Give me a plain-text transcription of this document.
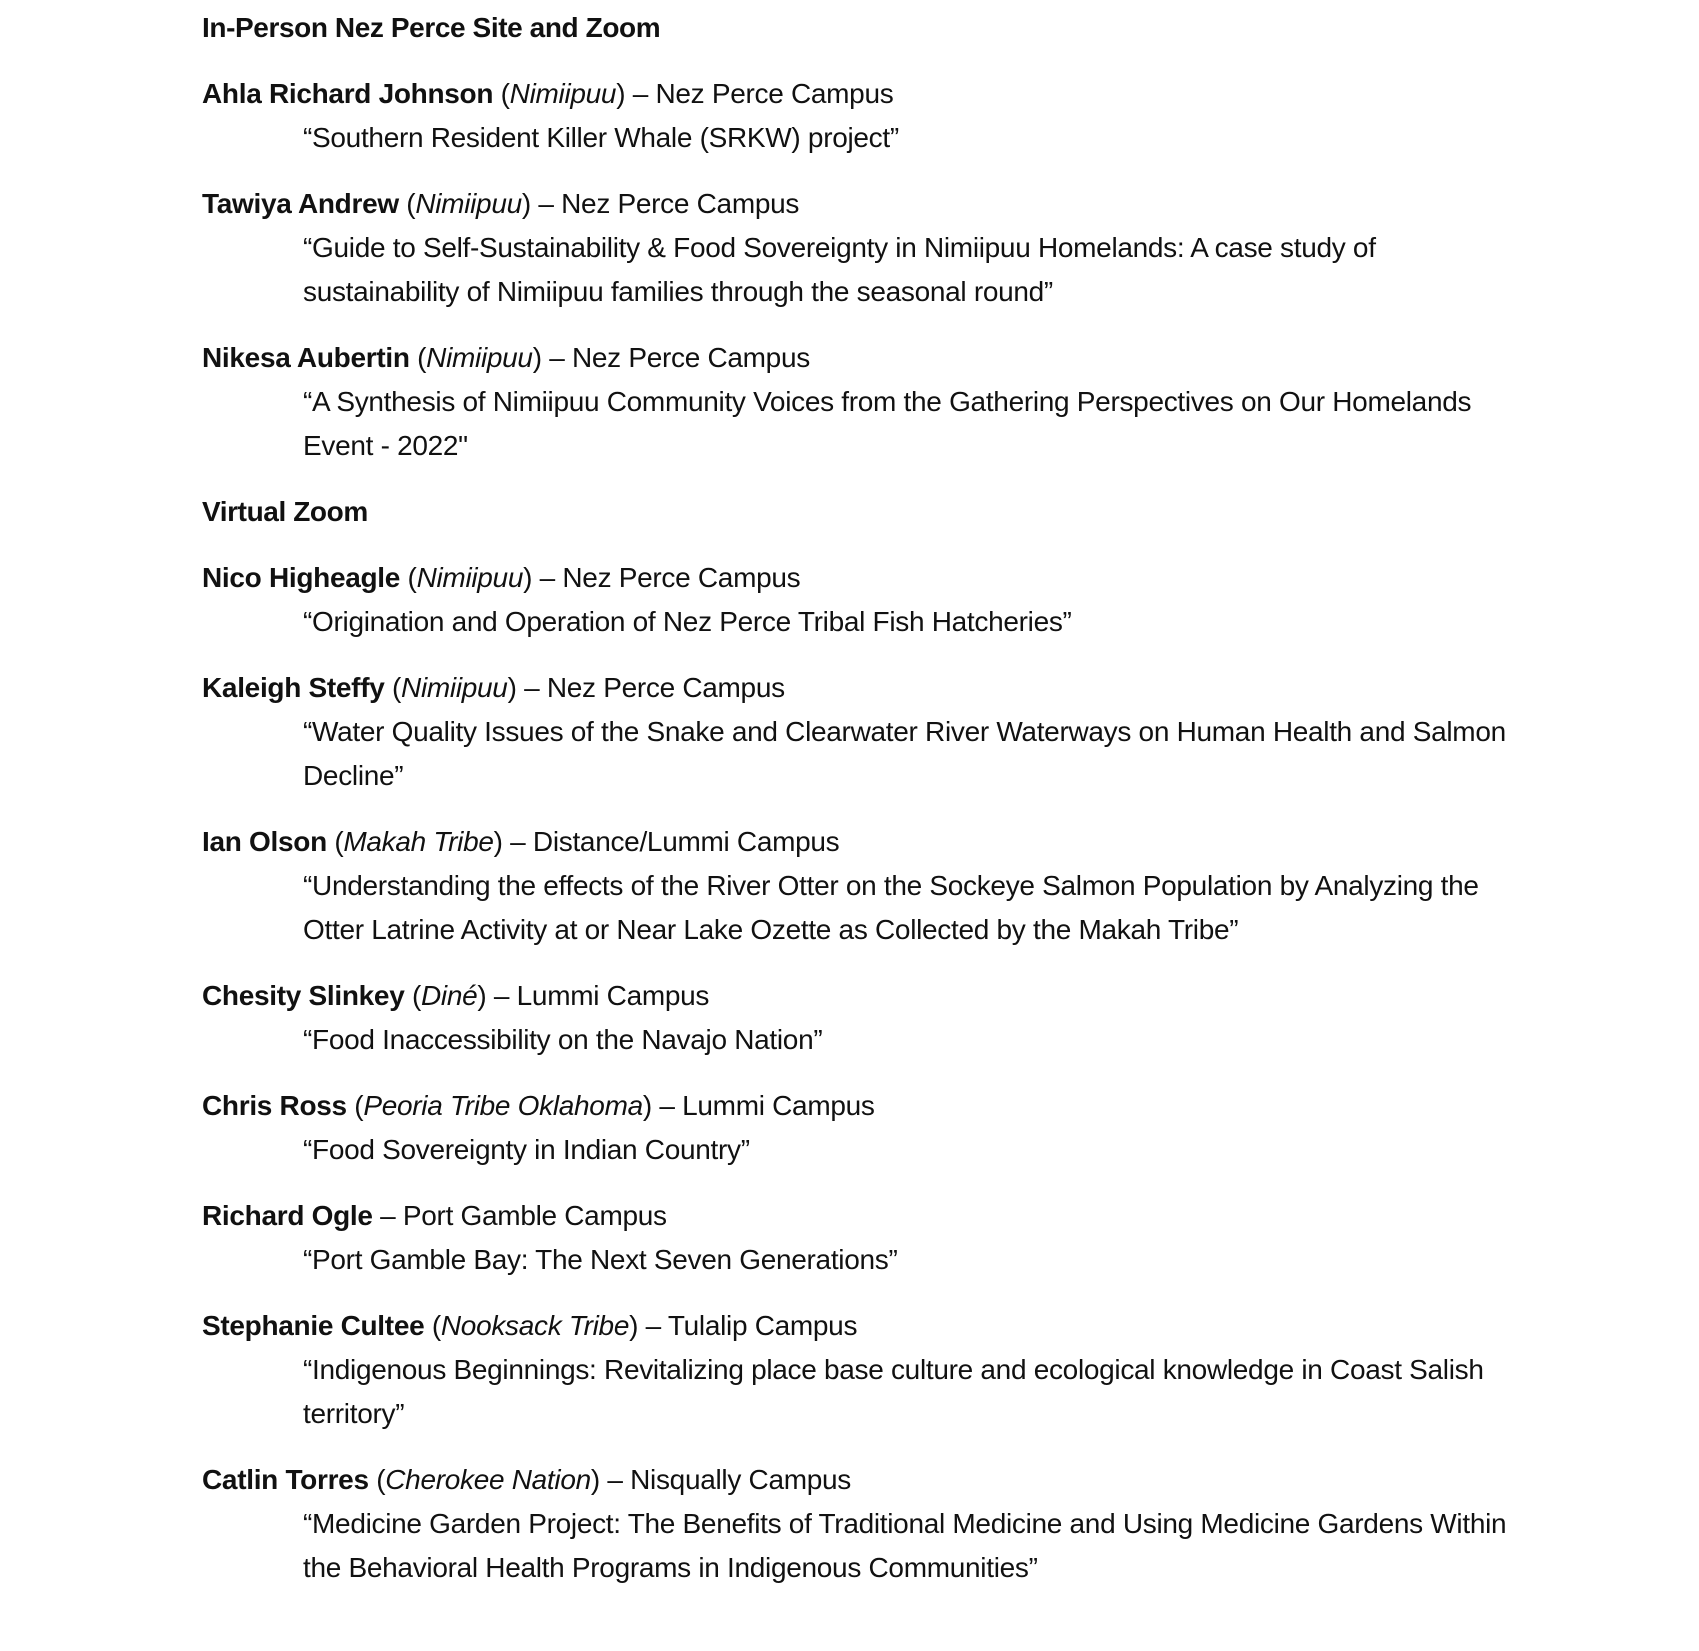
In-Person Nez Perce Site and Zoom
Ahla Richard Johnson (Nimiipuu) – Nez Perce Campus
“Southern Resident Killer Whale (SRKW) project”
Tawiya Andrew (Nimiipuu) – Nez Perce Campus
“Guide to Self-Sustainability & Food Sovereignty in Nimiipuu Homelands: A case study of sustainability of Nimiipuu families through the seasonal round”
Nikesa Aubertin (Nimiipuu) – Nez Perce Campus
“A Synthesis of Nimiipuu Community Voices from the Gathering Perspectives on Our Homelands Event - 2022"
Virtual Zoom
Nico Higheagle (Nimiipuu) – Nez Perce Campus
“Origination and Operation of Nez Perce Tribal Fish Hatcheries”
Kaleigh Steffy (Nimiipuu) – Nez Perce Campus
“Water Quality Issues of the Snake and Clearwater River Waterways on Human Health and Salmon Decline”
Ian Olson (Makah Tribe) – Distance/Lummi Campus
“Understanding the effects of the River Otter on the Sockeye Salmon Population by Analyzing the Otter Latrine Activity at or Near Lake Ozette as Collected by the Makah Tribe”
Chesity Slinkey (Diné) – Lummi Campus
“Food Inaccessibility on the Navajo Nation”
Chris Ross (Peoria Tribe Oklahoma) – Lummi Campus
“Food Sovereignty in Indian Country”
Richard Ogle – Port Gamble Campus
“Port Gamble Bay: The Next Seven Generations”
Stephanie Cultee (Nooksack Tribe) – Tulalip Campus
“Indigenous Beginnings: Revitalizing place base culture and ecological knowledge in Coast Salish territory”
Catlin Torres (Cherokee Nation) – Nisqually Campus
“Medicine Garden Project: The Benefits of Traditional Medicine and Using Medicine Gardens Within the Behavioral Health Programs in Indigenous Communities”
